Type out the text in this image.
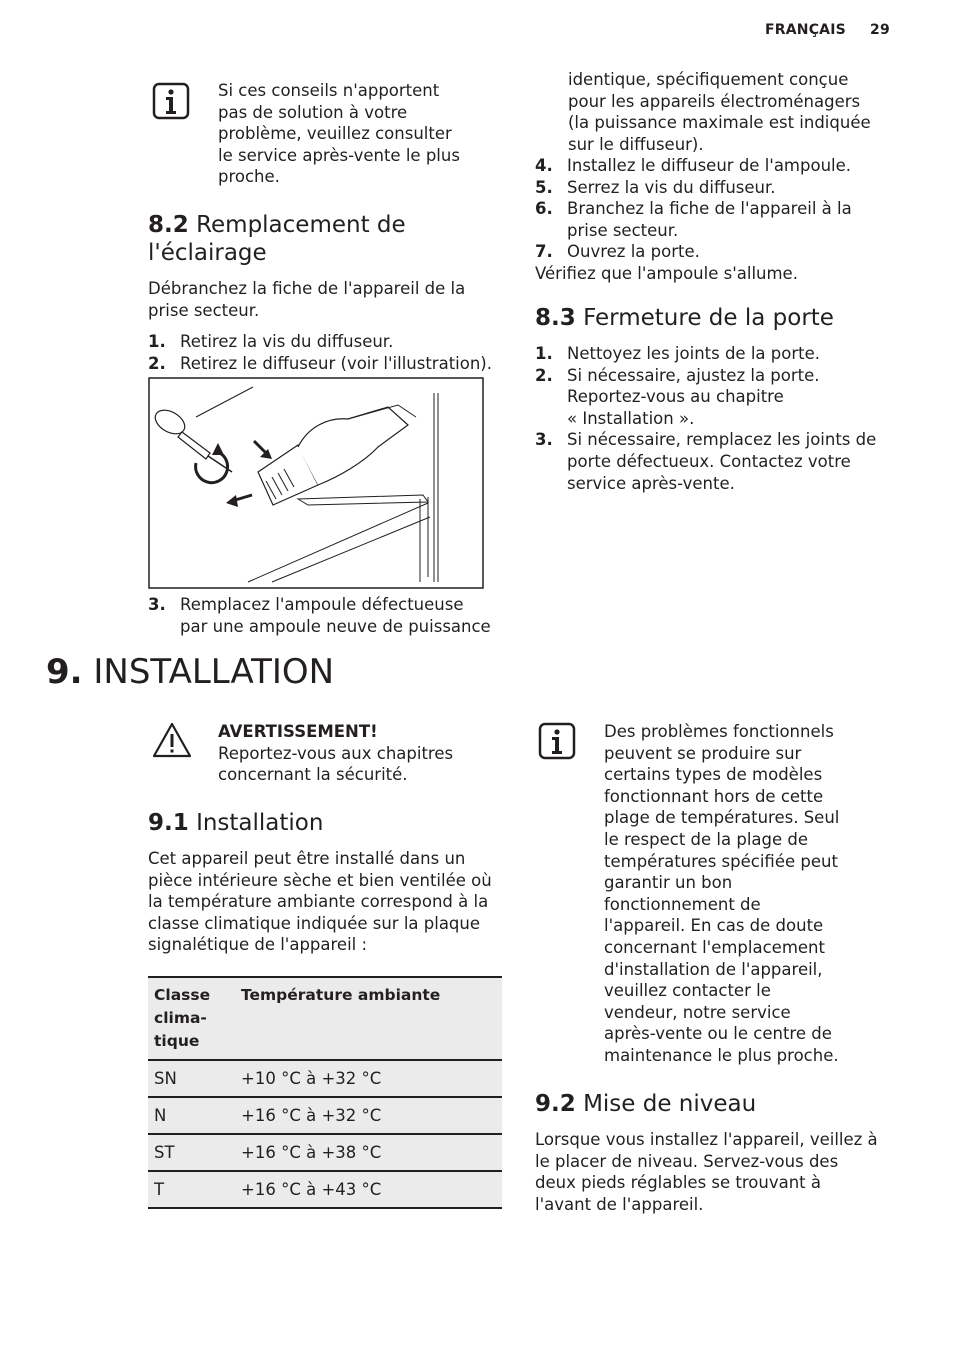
FRANÇAIS 29
Si ces conseils n'apportent
pas de solution à votre
problème, veuillez consulter
le service après-vente le plus
proche.
8.2 Remplacement de
l'éclairage
Débranchez la fiche de l'appareil de la
prise secteur.
1. Retirez la vis du diffuseur.
2. Retirez le diffuseur (voir l'illustration).
3. Remplacez l'ampoule défectueuse
par une ampoule neuve de puissance
identique, spécifiquement conçue
pour les appareils électroménagers
(la puissance maximale est indiquée
sur le diffuseur).
4. Installez le diffuseur de l'ampoule.
5. Serrez la vis du diffuseur.
6. Branchez la fiche de l'appareil à la
prise secteur.
7. Ouvrez la porte.
Vérifiez que l'ampoule s'allume.
8.3 Fermeture de la porte
1. Nettoyez les joints de la porte.
2. Si nécessaire, ajustez la porte.
Reportez-vous au chapitre
« Installation ».
3. Si nécessaire, remplacez les joints de
porte défectueux. Contactez votre
service après-vente.
9. INSTALLATION
AVERTISSEMENT!
Reportez-vous aux chapitres
concernant la sécurité.
9.1 Installation
Cet appareil peut être installé dans un
pièce intérieure sèche et bien ventilée où
la température ambiante correspond à la
classe climatique indiquée sur la plaque
signalétique de l'appareil :
Classe
clima-
tique	Température ambiante
SN	+10 °C à +32 °C
N	+16 °C à +32 °C
ST	+16 °C à +38 °C
T	+16 °C à +43 °C
Des problèmes fonctionnels
peuvent se produire sur
certains types de modèles
fonctionnant hors de cette
plage de températures. Seul
le respect de la plage de
températures spécifiée peut
garantir un bon
fonctionnement de
l'appareil. En cas de doute
concernant l'emplacement
d'installation de l'appareil,
veuillez contacter le
vendeur, notre service
après-vente ou le centre de
maintenance le plus proche.
9.2 Mise de niveau
Lorsque vous installez l'appareil, veillez à
le placer de niveau. Servez-vous des
deux pieds réglables se trouvant à
l'avant de l'appareil.
